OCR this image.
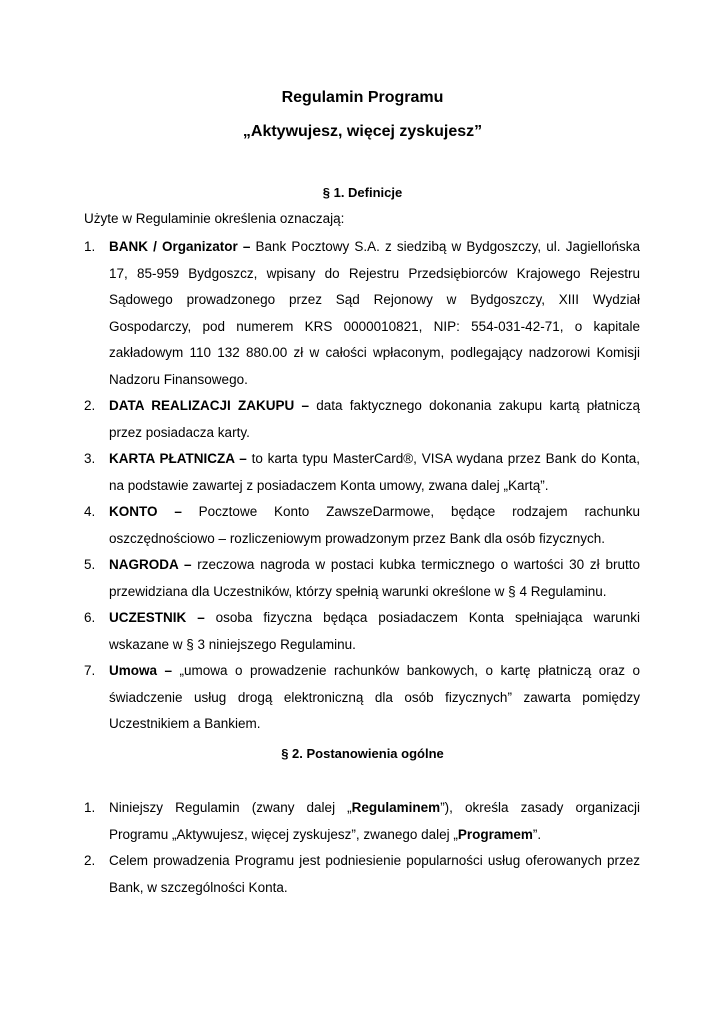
Regulamin Programu
„Aktywujesz, więcej zyskujesz”
§ 1. Definicje

Użyte w Regulaminie określenia oznaczają:

1. BANK / Organizator – Bank Pocztowy S.A. z siedzibą w Bydgoszczy, ul. Jagiellońska 17, 85-959 Bydgoszcz, wpisany do Rejestru Przedsiębiorców Krajowego Rejestru Sądowego prowadzonego przez Sąd Rejonowy w Bydgoszczy, XIII Wydział Gospodarczy, pod numerem KRS 0000010821, NIP: 554-031-42-71, o kapitale zakładowym 110 132 880.00 zł w całości wpłaconym, podlegający nadzorowi Komisji Nadzoru Finansowego.
2. DATA REALIZACJI ZAKUPU – data faktycznego dokonania zakupu kartą płatniczą przez posiadacza karty.
3. KARTA PŁATNICZA – to karta typu MasterCard®, VISA wydana przez Bank do Konta, na podstawie zawartej z posiadaczem Konta umowy, zwana dalej „Kartą”.
4. KONTO – Pocztowe Konto ZawszeDarmowe, będące rodzajem rachunku oszczędnościowo – rozliczeniowym prowadzonym przez Bank dla osób fizycznych.
5. NAGRODA – rzeczowa nagroda w postaci kubka termicznego o wartości 30 zł brutto przewidziana dla Uczestników, którzy spełnią warunki określone w § 4 Regulaminu.
6. UCZESTNIK – osoba fizyczna będąca posiadaczem Konta spełniająca warunki wskazane w § 3 niniejszego Regulaminu.
7. Umowa – „umowa o prowadzenie rachunków bankowych, o kartę płatniczą oraz o świadczenie usług drogą elektroniczną dla osób fizycznych” zawarta pomiędzy Uczestnikiem a Bankiem.
§ 2. Postanowienia ogólne
1. Niniejszy Regulamin (zwany dalej „Regulaminem”), określa zasady organizacji Programu „Aktywujesz, więcej zyskujesz”, zwanego dalej „Programem”.
2. Celem prowadzenia Programu jest podniesienie popularności usług oferowanych przez Bank, w szczególności Konta.
